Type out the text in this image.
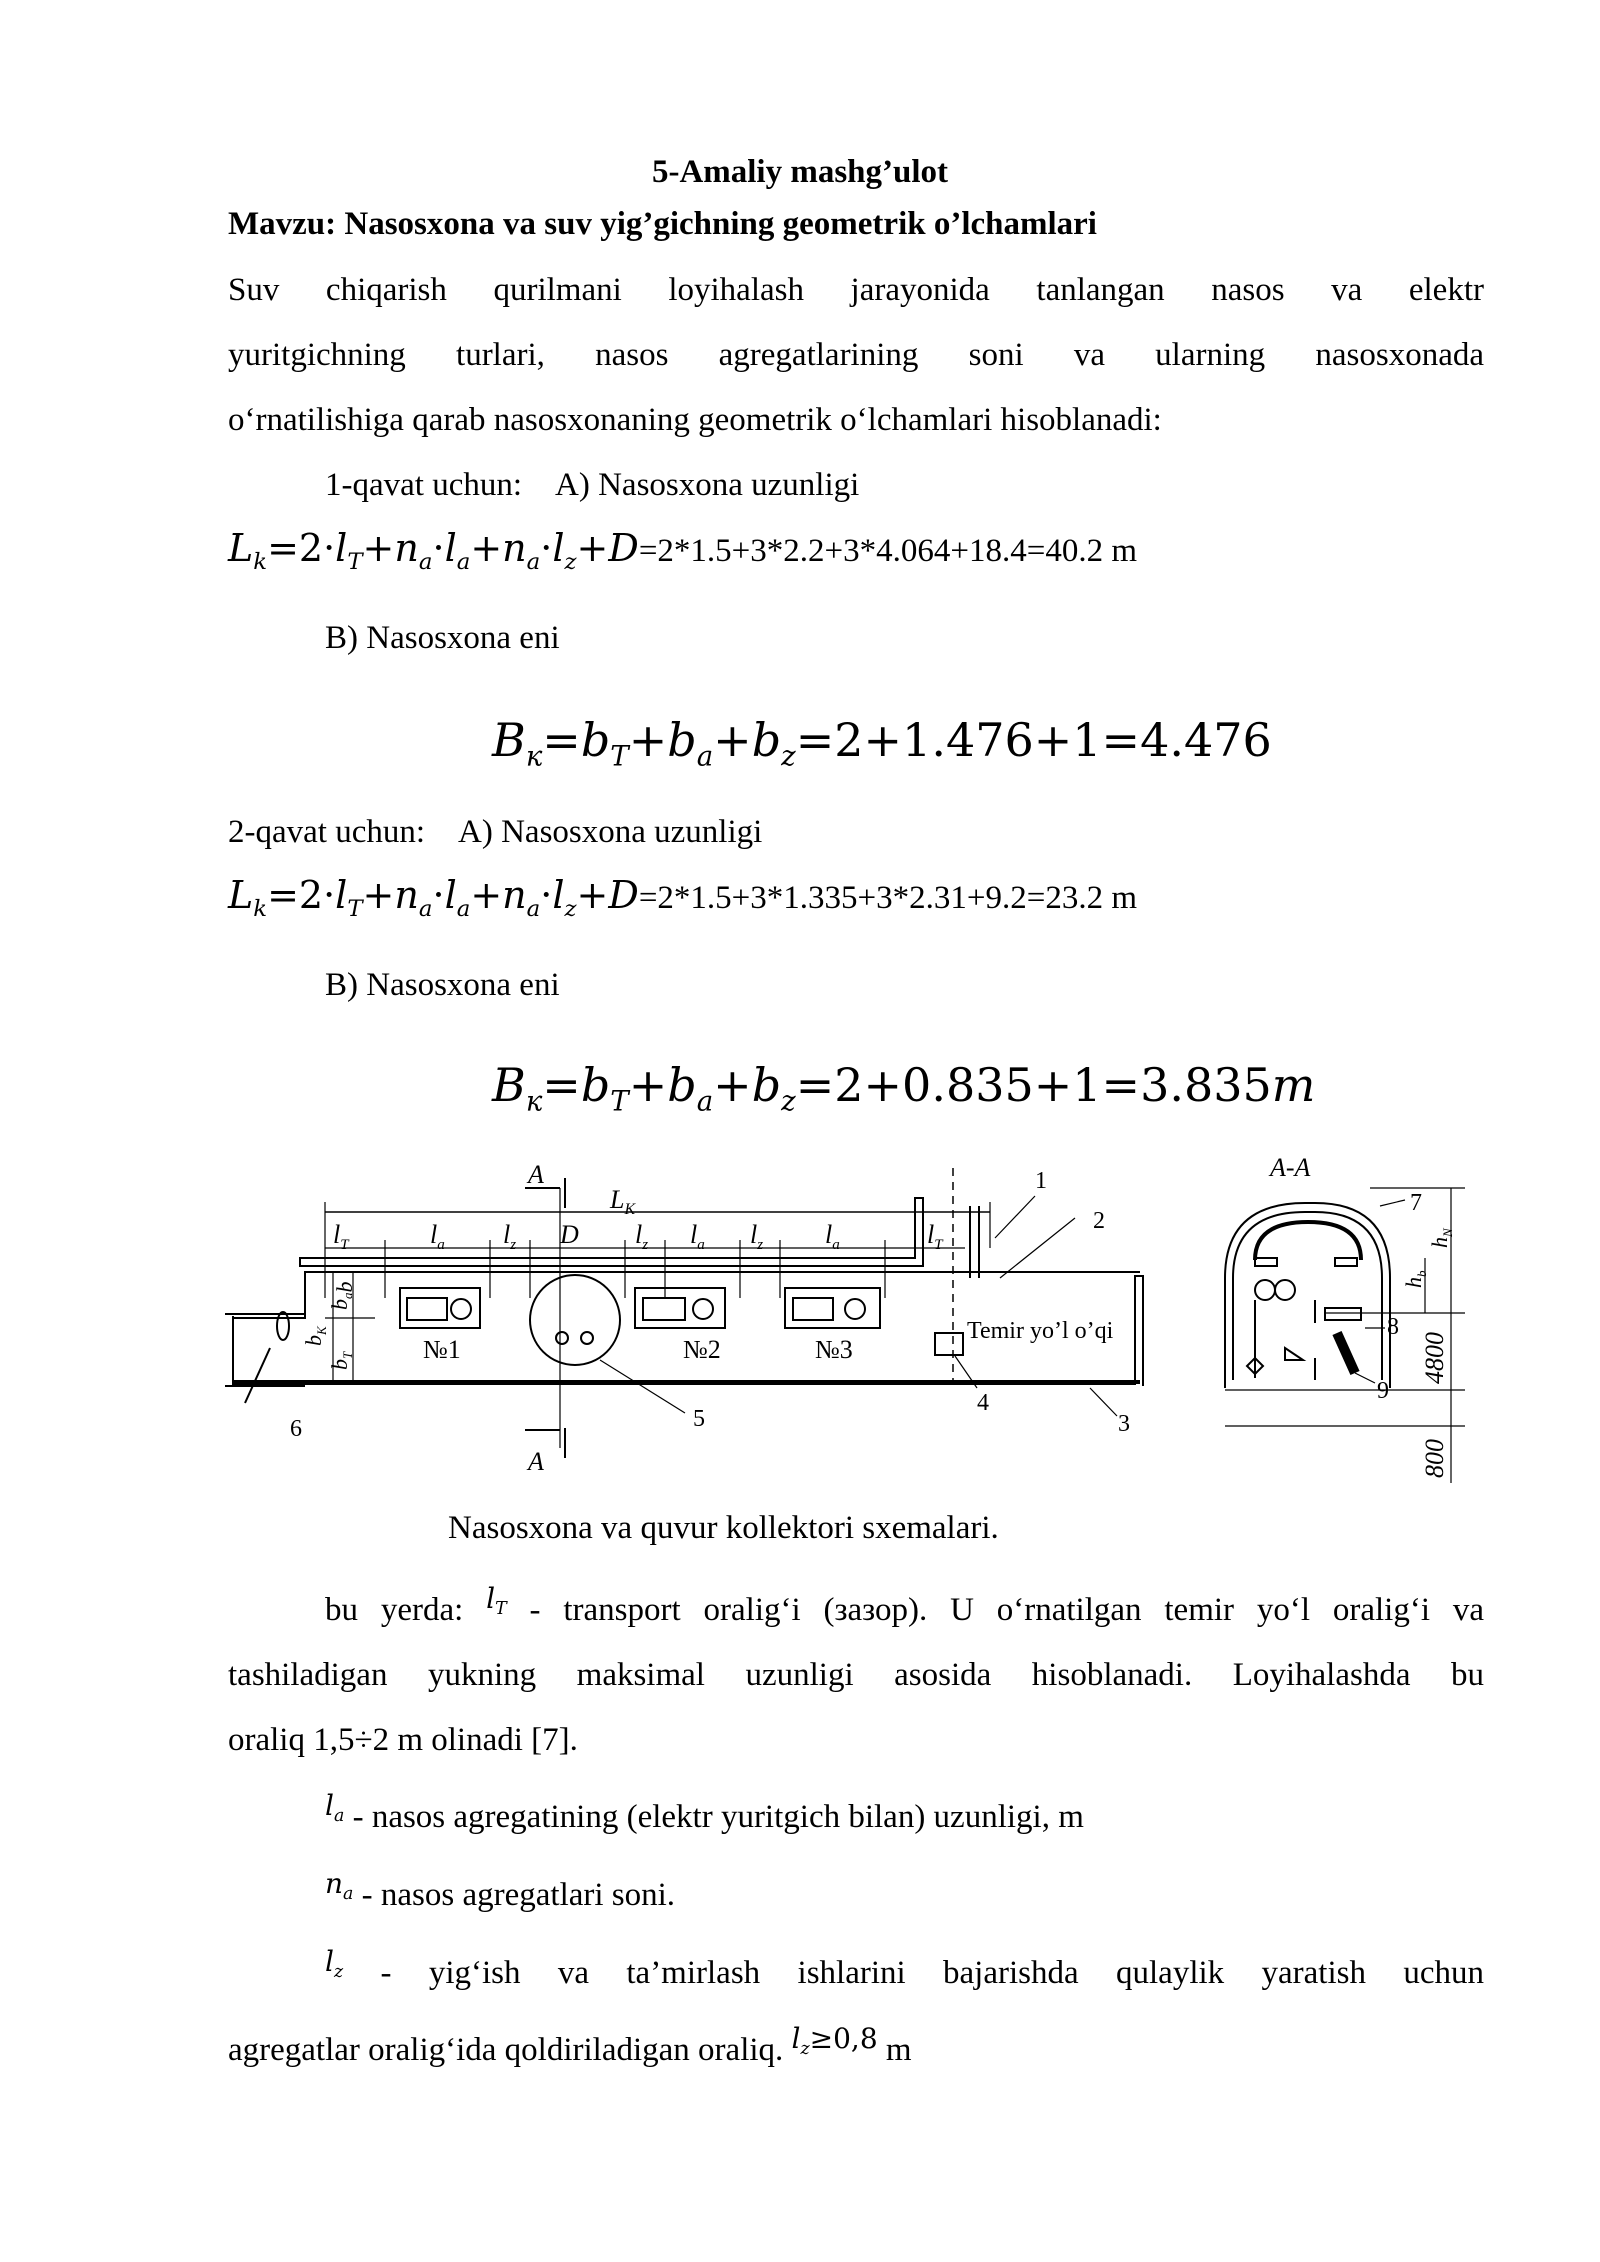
5-Amaliy mashg’ulot
Mavzu: Nasosxona va suv yig’gichning geometrik o’lchamlari
Suv chiqarish qurilmani loyihalash jarayonida tanlangan nasos va elektr
yuritgichning turlari, nasos agregatlarining soni va ularning nasosxonada
o‘rnatilishiga qarab nasosxonaning geometrik o‘lchamlari hisoblanadi:
1-qavat uchun: A) Nasosxona uzunligi
$L_k=2\cdot l_T+n_a\cdot l_a+n_a\cdot l_z+D=2*1.5+3*2.2+3*4.064+18.4=40.2$ m
B) Nasosxona eni
$B_к=b_T+b_a+b_z=2+1.476+1=4.476$
2-qavat uchun: A) Nasosxona uzunligi
$L_k=2\cdot l_T+n_a\cdot l_a+n_a\cdot l_z+D=2*1.5+3*1.335+3*2.31+9.2=23.2$ m
B) Nasosxona eni
$B_к=b_T+b_a+b_z=2+0.835+1=3.835m$
A
A
$L_K$
$l_T$	$l_a$ $l_z$ D $l_z$ $l_a$ $l_z$ $l_a$	$l_T$
$b_K$
$b_T$
$b_ab$
№1	№2	№3
Temir yo’l o’qi
1
2
3
4
5
6
7
8
9
A-A
4800
800
$h_b$
$h_N$
Nasosxona va quvur kollektori sxemalari.
bu yerda: $^{l_T}$ - transport oralig‘i (зазор). U o‘rnatilgan temir yo‘l oralig‘i va
tashiladigan yukning maksimal uzunligi asosida hisoblanadi. Loyihalashda bu
oraliq 1,5÷2 m olinadi [7].
$^{l_a}$ - nasos agregatining (elektr yuritgich bilan) uzunligi, m
$^{n_a}$ - nasos agregatlari soni.
$^{l_z}$ - yig‘ish va ta’mirlash ishlarini bajarishda qulaylik yaratish uchun
agregatlar oralig‘ida qoldiriladigan oraliq. $^{l_z\ge 0,8}$ m
